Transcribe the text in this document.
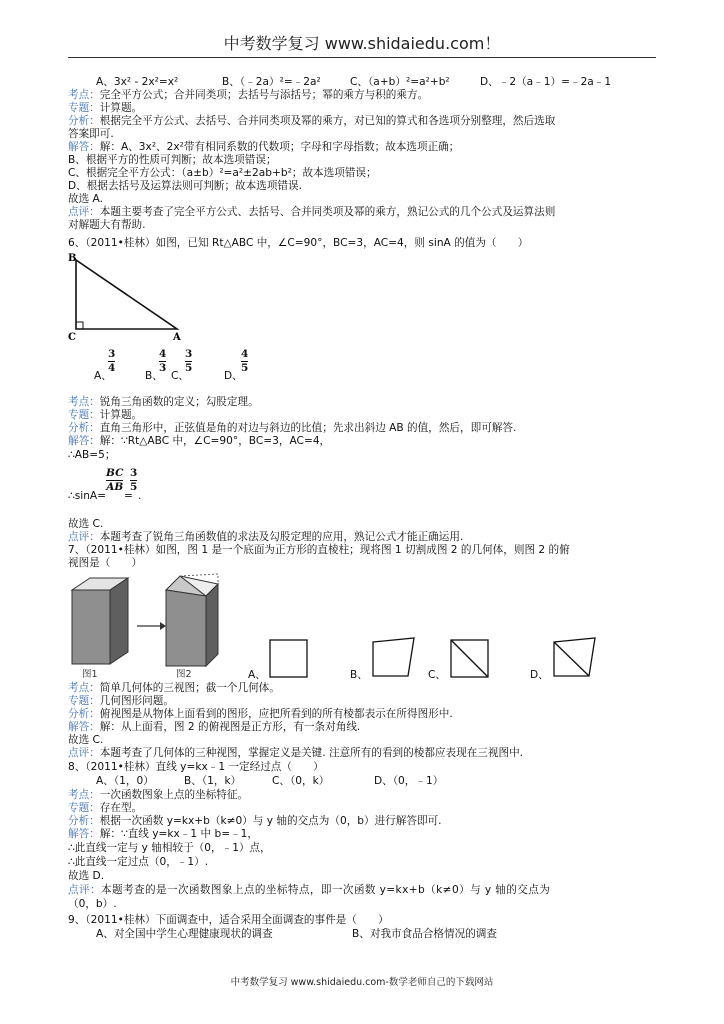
中考数学复习 www.shidaiedu.com！
A、3x² - 2x²=x²	B、（﹣2a）²=﹣2a²	C、（a+b）²=a²+b²	D、﹣2（a﹣1）=﹣2a﹣1
考点：完全平方公式；合并同类项；去括号与添括号；幂的乘方与积的乘方。
专题：计算题。
分析：根据完全平方公式、去括号、合并同类项及幂的乘方，对已知的算式和各选项分别整理，然后选取
答案即可.
解答：解：A、3x²、2x²带有相同系数的代数项；字母和字母指数；故本选项正确；
B、根据平方的性质可判断；故本选项错误；
C、根据完全平方公式：（a±b）²=a²±2ab+b²；故本选项错误；
D、根据去括号及运算法则可判断；故本选项错误.
故选 A.
点评：本题主要考查了完全平方公式、去括号、合并同类项及幂的乘方，熟记公式的几个公式及运算法则
对解题大有帮助.
6、（2011•桂林）如图，已知 Rt△ABC 中，∠C=90°，BC=3，AC=4，则 sinA 的值为（　　）
B
C	A
3
4
A、
4
3
B、
3
5
C、
4
5
D、
考点：锐角三角函数的定义；勾股定理。
专题：计算题。
分析：直角三角形中，正弦值是角的对边与斜边的比值；先求出斜边 AB 的值，然后，即可解答.
解答：解：∵Rt△ABC 中，∠C=90°，BC=3，AC=4，
∴AB=5；
∴sinA=
BC
AB
=
3
5
.
故选 C.
点评：本题考查了锐角三角函数值的求法及勾股定理的应用，熟记公式才能正确运用.
7、（2011•桂林）如图，图 1 是一个底面为正方形的直棱柱；现将图 1 切割成图 2 的几何体，则图 2 的俯
视图是（　　）
图1	图2	A、	B、	C、	D、
考点：简单几何体的三视图；截一个几何体。
专题：几何图形问题。
分析：俯视图是从物体上面看到的图形，应把所看到的所有棱都表示在所得图形中.
解答：解：从上面看，图 2 的俯视图是正方形，有一条对角线.
故选 C.
点评：本题考查了几何体的三种视图，掌握定义是关键. 注意所有的看到的棱都应表现在三视图中.
8、（2011•桂林）直线 y=kx﹣1 一定经过点（　　）
A、（1，0）	B、（1，k）	C、（0，k）	D、（0，﹣1）
考点：一次函数图象上点的坐标特征。
专题：存在型。
分析：根据一次函数 y=kx+b（k≠0）与 y 轴的交点为（0，b）进行解答即可.
解答：解：∵直线 y=kx﹣1 中 b=﹣1，
∴此直线一定与 y 轴相较于（0，﹣1）点，
∴此直线一定过点（0，﹣1）.
故选 D.
点评：本题考查的是一次函数图象上点的坐标特点，即一次函数 y=kx+b（k≠0）与 y 轴的交点为
（0，b）.
9、（2011•桂林）下面调查中，适合采用全面调查的事件是（　　）
A、对全国中学生心理健康现状的调查	B、对我市食品合格情况的调查
中考数学复习 www.shidaiedu.com-数学老师自己的下载网站
